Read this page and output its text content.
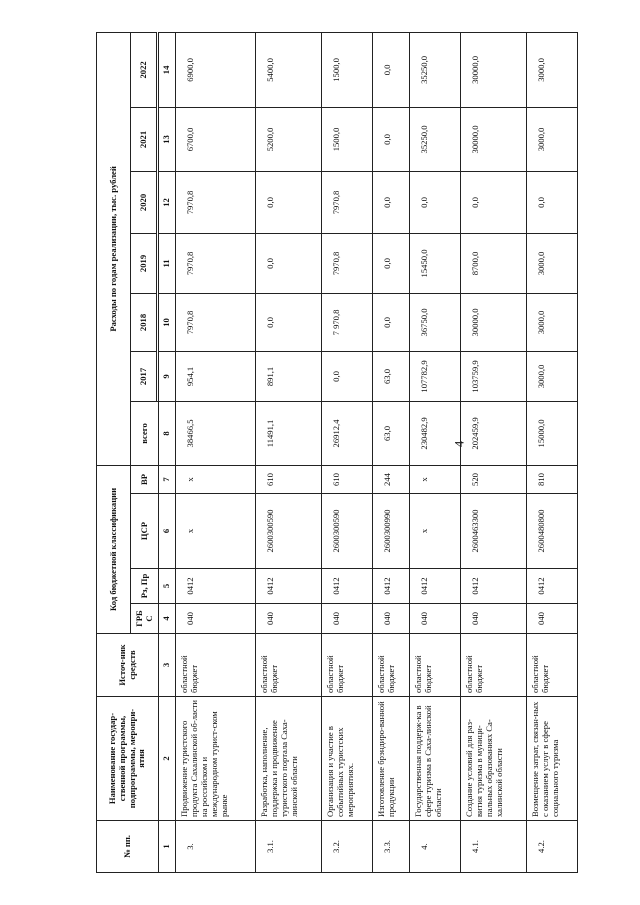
4
№ пп.	Наименование государ-ственной программы, подпрограммы, меропри-ятия	Источ-ник средств	Код бюджетной классификации				Расходы по годам реализации, тыс. рублей						
			ГРБ С	Рз, Пр	ЦСР	ВР	всего	2017	2018	2019	2020	2021	2022

1	2	3	4	5	6	7	8	9	10	11	12	13	14
3.	Продвижение туристского продукта Сахалинской об-ласти на российском и международном турист-ском рынке	областной бюджет	040	0412	x	x	38466,5	954,1	7970,8	7970,8	7970,8	6700,0	6900,0
3.1.	Разработка, наполнение, поддержка и продвижение туристского портала Саха-линской области	областной бюджет	040	0412	2600300590	610	11491,1	891,1	0,0	0,0	0,0	5200,0	5400,0
3.2.	Организация и участие в событийных туристских мероприятиях.	областной бюджет	040	0412	2600300590	610	26912,4	0,0	7 970,8	7970,8	7970,8	1500,0	1500,0
3.3.	Изготовление брэндиро-ванной продукции	областной бюджет	040	0412	2600300990	244	63,0	63,0	0,0	0,0	0,0	0,0	0,0
4.	Государственная поддерж-ка в сфере туризма в Саха-линской области	областной бюджет	040	0412	x	x	230482,9	107782,9	36750,0	15450,0	0,0	35250,0	35250,0
4.1.	Создание условий для раз-вития туризма в муници-пальных образованиях Са-халинской области	областной бюджет	040	0412	2600463300	520	202459,9	103759,9	30000,0	8700,0	0,0	30000,0	30000,0
4.2.	Возмещение затрат, связан-ных с оказанием услуг в сфере социального туризма	областной бюджет	040	0412	2600480800	810	15000,0	3000,0	3000,0	3000,0	0,0	3000,0	3000,0
